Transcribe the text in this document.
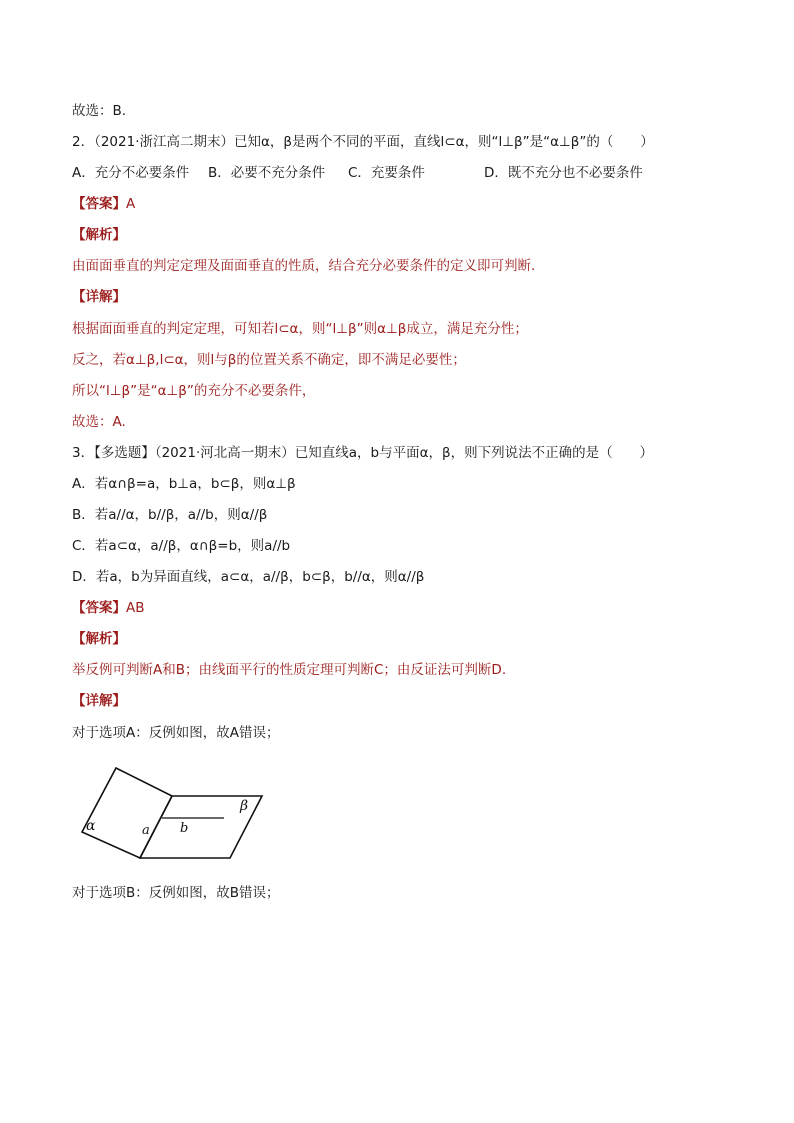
故选：B.
2．（2021·浙江高二期末）已知α，β是两个不同的平面，直线l⊂α，则“l⊥β”是“α⊥β”的（　　）
A．充分不必要条件 B．必要不充分条件 C．充要条件	D．既不充分也不必要条件
【答案】A
【解析】
由面面垂直的判定定理及面面垂直的性质，结合充分必要条件的定义即可判断.
【详解】
根据面面垂直的判定定理，可知若l⊂α，则“l⊥β”则α⊥β成立，满足充分性；
反之，若α⊥β,l⊂α，则l与β的位置关系不确定，即不满足必要性；
所以“l⊥β”是“α⊥β”的充分不必要条件，
故选：A.
3．【多选题】（2021·河北高一期末）已知直线a，b与平面α，β，则下列说法不正确的是（　　）
A．若α∩β=a，b⊥a，b⊂β，则α⊥β
B．若a//α，b//β，a//b，则α//β
C．若a⊂α，a//β，α∩β=b，则a//b
D．若a，b为异面直线，a⊂α，a//β，b⊂β，b//α，则α//β
【答案】AB
【解析】
举反例可判断A和B；由线面平行的性质定理可判断C；由反证法可判断D.
【详解】
对于选项A：反例如图，故A错误；
α
β
a b
对于选项B：反例如图，故B错误；
